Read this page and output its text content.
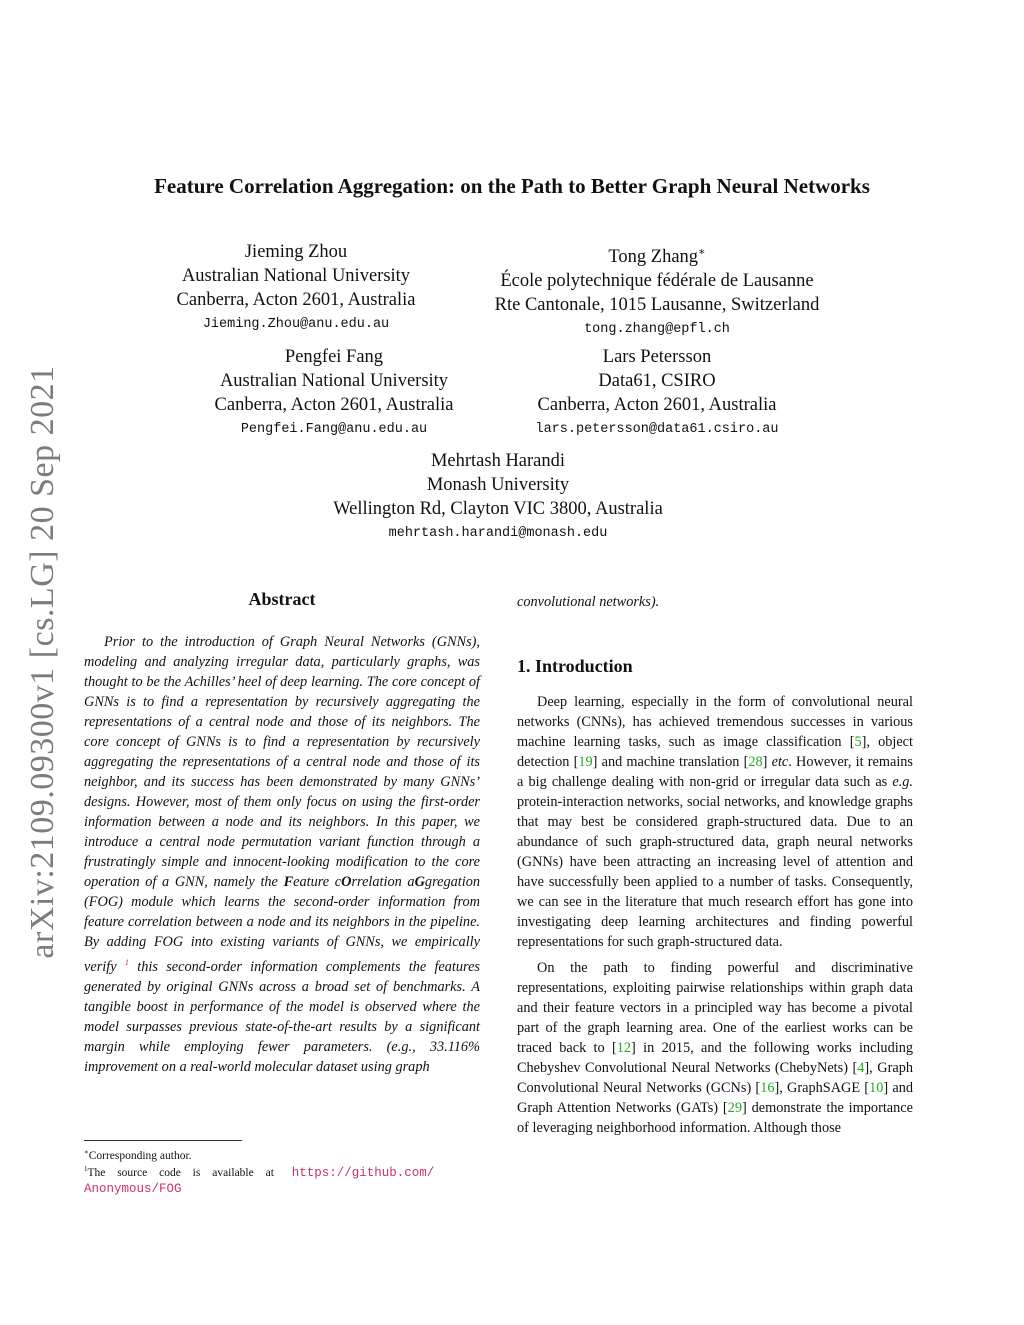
arXiv:2109.09300v1 [cs.LG] 20 Sep 2021
Feature Correlation Aggregation: on the Path to Better Graph Neural Networks
Jieming Zhou
Australian National University
Canberra, Acton 2601, Australia
Jieming.Zhou@anu.edu.au
Tong Zhang∗
École polytechnique fédérale de Lausanne
Rte Cantonale, 1015 Lausanne, Switzerland
tong.zhang@epfl.ch
Pengfei Fang
Australian National University
Canberra, Acton 2601, Australia
Pengfei.Fang@anu.edu.au
Lars Petersson
Data61, CSIRO
Canberra, Acton 2601, Australia
lars.petersson@data61.csiro.au
Mehrtash Harandi
Monash University
Wellington Rd, Clayton VIC 3800, Australia
mehrtash.harandi@monash.edu
Abstract

Prior to the introduction of Graph Neural Networks (GNNs), modeling and analyzing irregular data, particularly graphs, was thought to be the Achilles’ heel of deep learning. The core concept of GNNs is to find a representation by recursively aggregating the representations of a central node and those of its neighbors. The core concept of GNNs is to find a representation by recursively aggregating the representations of a central node and those of its neighbor, and its success has been demonstrated by many GNNs’ designs. However, most of them only focus on using the first-order information between a node and its neighbors. In this paper, we introduce a central node permutation variant function through a frustratingly simple and innocent-looking modification to the core operation of a GNN, namely the Feature cOrrelation aGgregation (FOG) module which learns the second-order information from feature correlation between a node and its neighbors in the pipeline. By adding FOG into existing variants of GNNs, we empirically verify $^1$ this second-order information complements the features generated by original GNNs across a broad set of benchmarks. A tangible boost in performance of the model is observed where the model surpasses previous state-of-the-art results by a significant margin while employing fewer parameters. (e.g., 33.116% improvement on a real-world molecular dataset using graph

∗Corresponding author.
$^1$The source code is available at https://github.com/
Anonymous/FOG
convolutional networks).
1. Introduction

Deep learning, especially in the form of convolutional neural networks (CNNs), has achieved tremendous successes in various machine learning tasks, such as image classification [5], object detection [19] and machine translation [28] etc. However, it remains a big challenge dealing with non-grid or irregular data such as e.g. protein-interaction networks, social networks, and knowledge graphs that may best be considered graph-structured data. Due to an abundance of such graph-structured data, graph neural networks (GNNs) have been attracting an increasing level of attention and have successfully been applied to a number of tasks. Consequently, we can see in the literature that much research effort has gone into investigating deep learning architectures and finding powerful representations for such graph-structured data.

On the path to finding powerful and discriminative representations, exploiting pairwise relationships within graph data and their feature vectors in a principled way has become a pivotal part of the graph learning area. One of the earliest works can be traced back to [12] in 2015, and the following works including Chebyshev Convolutional Neural Networks (ChebyNets) [4], Graph Convolutional Neural Networks (GCNs) [16], GraphSAGE [10] and Graph Attention Networks (GATs) [29] demonstrate the importance of leveraging neighborhood information. Although those
